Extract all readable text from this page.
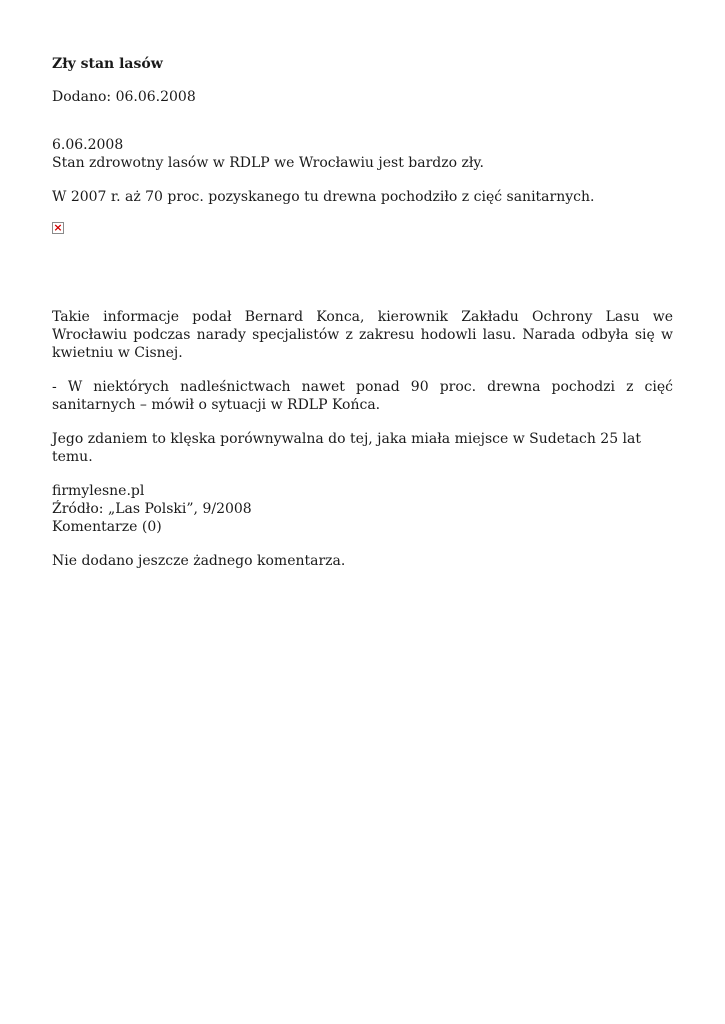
Zły stan lasów
Dodano: 06.06.2008

6.06.2008
Stan zdrowotny lasów w RDLP we Wrocławiu jest bardzo zły.

W 2007 r. aż 70 proc. pozyskanego tu drewna pochodziło z cięć sanitarnych.

×

Takie informacje podał Bernard Konca, kierownik Zakładu Ochrony Lasu we Wrocławiu podczas narady specjalistów z zakresu hodowli lasu. Narada odbyła się w kwietniu w Cisnej.

- W niektórych nadleśnictwach nawet ponad 90 proc. drewna pochodzi z cięć sanitarnych – mówił o sytuacji w RDLP Końca.

Jego zdaniem to klęska porównywalna do tej, jaka miała miejsce w Sudetach 25 lat temu.

firmylesne.pl
Źródło: „Las Polski”, 9/2008
Komentarze (0)

Nie dodano jeszcze żadnego komentarza.
